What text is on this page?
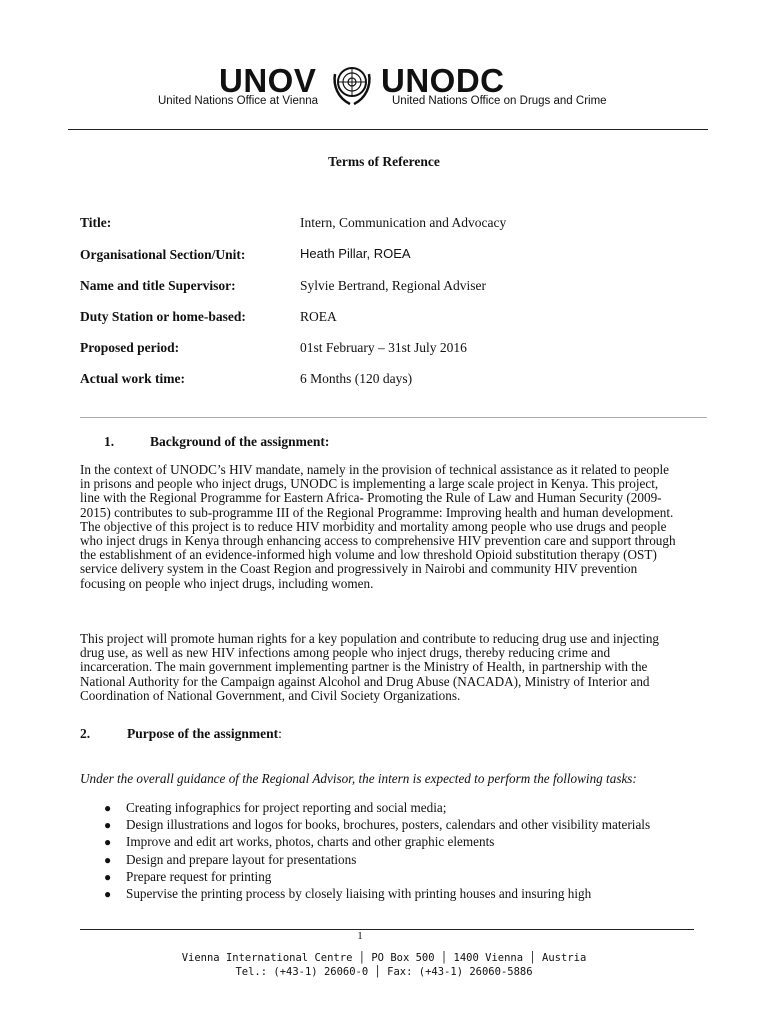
UNOV UNODC
United Nations Office at Vienna	United Nations Office on Drugs and Crime
Terms of Reference
Title:	Intern, Communication and Advocacy
Organisational Section/Unit:	Heath Pillar, ROEA
Name and title Supervisor:	Sylvie Bertrand, Regional Adviser
Duty Station or home-based:	ROEA
Proposed period:	01st February – 31st July 2016
Actual work time:	6 Months (120 days)
1.	Background of the assignment:
In the context of UNODC’s HIV mandate, namely in the provision of technical assistance as it related to people in prisons and people who inject drugs, UNODC is implementing a large scale project in Kenya. This project, line with the Regional Programme for Eastern Africa- Promoting the Rule of Law and Human Security (2009-2015) contributes to sub-programme III of the Regional Programme: Improving health and human development. The objective of this project is to reduce HIV morbidity and mortality among people who use drugs and people who inject drugs in Kenya through enhancing access to comprehensive HIV prevention care and support through the establishment of an evidence-informed high volume and low threshold Opioid substitution therapy (OST) service delivery system in the Coast Region and progressively in Nairobi and community HIV prevention focusing on people who inject drugs, including women.
This project will promote human rights for a key population and contribute to reducing drug use and injecting drug use, as well as new HIV infections among people who inject drugs, thereby reducing crime and incarceration. The main government implementing partner is the Ministry of Health, in partnership with the National Authority for the Campaign against Alcohol and Drug Abuse (NACADA), Ministry of Interior and Coordination of National Government, and Civil Society Organizations.
2.	Purpose of the assignment:
Under the overall guidance of the Regional Advisor, the intern is expected to perform the following tasks:
● Creating infographics for project reporting and social media;
● Design illustrations and logos for books, brochures, posters, calendars and other visibility materials
● Improve and edit art works, photos, charts and other graphic elements
● Design and prepare layout for presentations
● Prepare request for printing
● Supervise the printing process by closely liaising with printing houses and insuring high
1
Vienna International Centre │ PO Box 500 │ 1400 Vienna │ Austria
Tel.: (+43-1) 26060-0 │ Fax: (+43-1) 26060-5886
